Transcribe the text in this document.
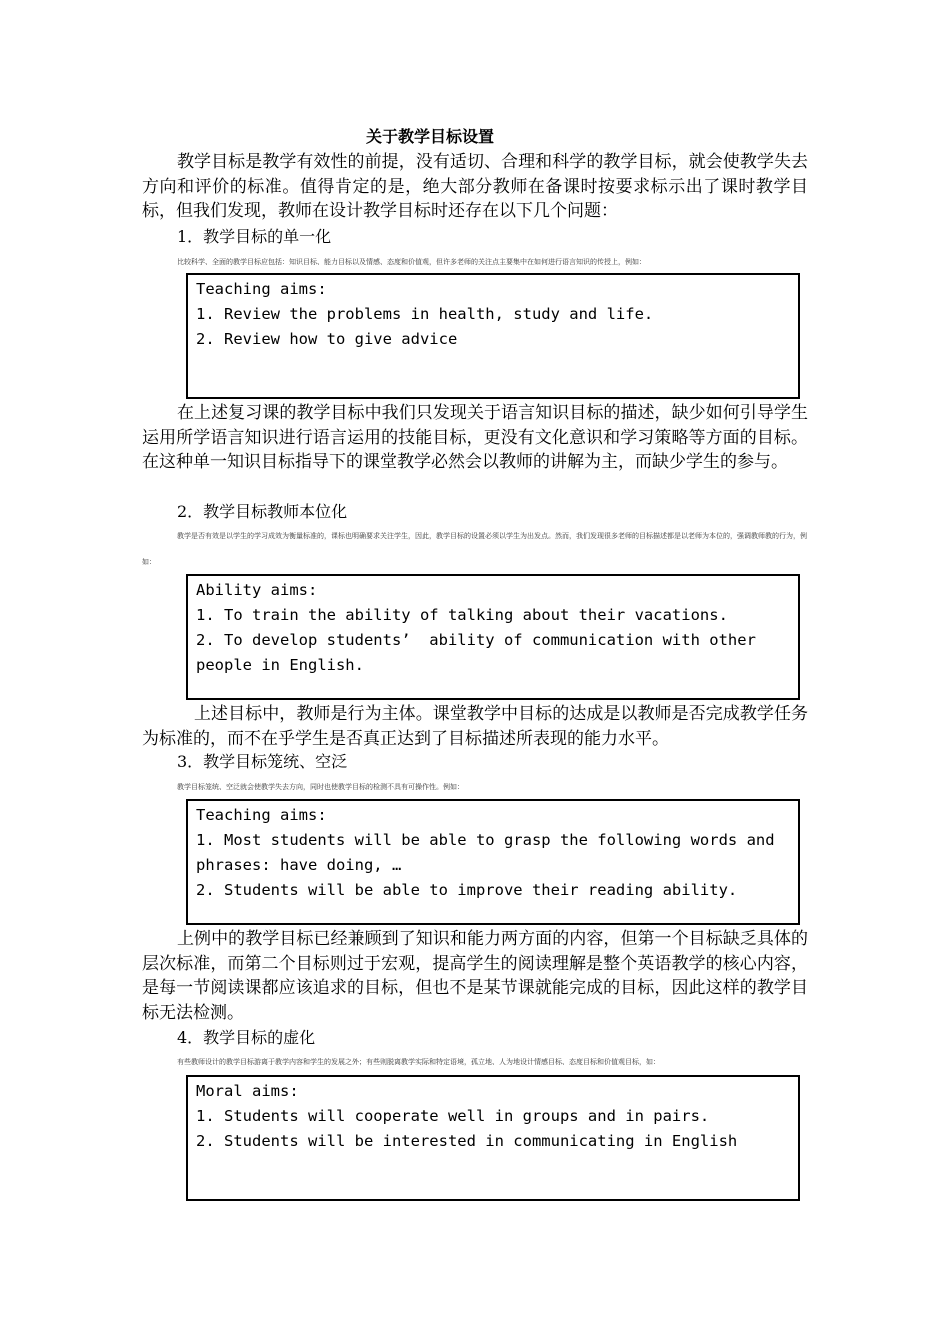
关于教学目标设置

教学目标是教学有效性的前提，没有适切、合理和科学的教学目标，就会使教学失去方向和评价的标准。值得肯定的是，绝大部分教师在备课时按要求标示出了课时教学目标，但我们发现，教师在设计教学目标时还存在以下几个问题：

1．教学目标的单一化
比较科学、全面的教学目标应包括：知识目标、能力目标以及情感、态度和价值观，但许多老师的关注点主要集中在如何进行语言知识的传授上，例如：
Teaching aims:
1. Review the problems in health, study and life.
2. Review how to give advice

在上述复习课的教学目标中我们只发现关于语言知识目标的描述，缺少如何引导学生运用所学语言知识进行语言运用的技能目标，更没有文化意识和学习策略等方面的目标。在这种单一知识目标指导下的课堂教学必然会以教师的讲解为主，而缺少学生的参与。

2．教学目标教师本位化
教学是否有效是以学生的学习成效为衡量标准的，课标也明确要求关注学生，因此，教学目标的设置必须以学生为出发点。然而，我们发现很多老师的目标描述都是以老师为本位的，强调教师教的行为，例如：
Ability aims:
1. To train the ability of talking about their vacations.
2. To develop students’  ability of communication with other people in English.

上述目标中，教师是行为主体。课堂教学中目标的达成是以教师是否完成教学任务为标准的，而不在乎学生是否真正达到了目标描述所表现的能力水平。

3．教学目标笼统、空泛
教学目标笼统、空泛就会使教学失去方向，同时也使教学目标的检测不具有可操作性。例如：
Teaching aims:
1. Most students will be able to grasp the following words and phrases: have doing, …
2. Students will be able to improve their reading ability.

上例中的教学目标已经兼顾到了知识和能力两方面的内容，但第一个目标缺乏具体的层次标准，而第二个目标则过于宏观，提高学生的阅读理解是整个英语教学的核心内容，是每一节阅读课都应该追求的目标，但也不是某节课就能完成的目标，因此这样的教学目标无法检测。

4．教学目标的虚化
有些教师设计的教学目标游离于教学内容和学生的发展之外；有些则脱离教学实际和特定语境，孤立地、人为地设计情感目标、态度目标和价值观目标，如：
Moral aims:
1. Students will cooperate well in groups and in pairs.
2. Students will be interested in communicating in English
